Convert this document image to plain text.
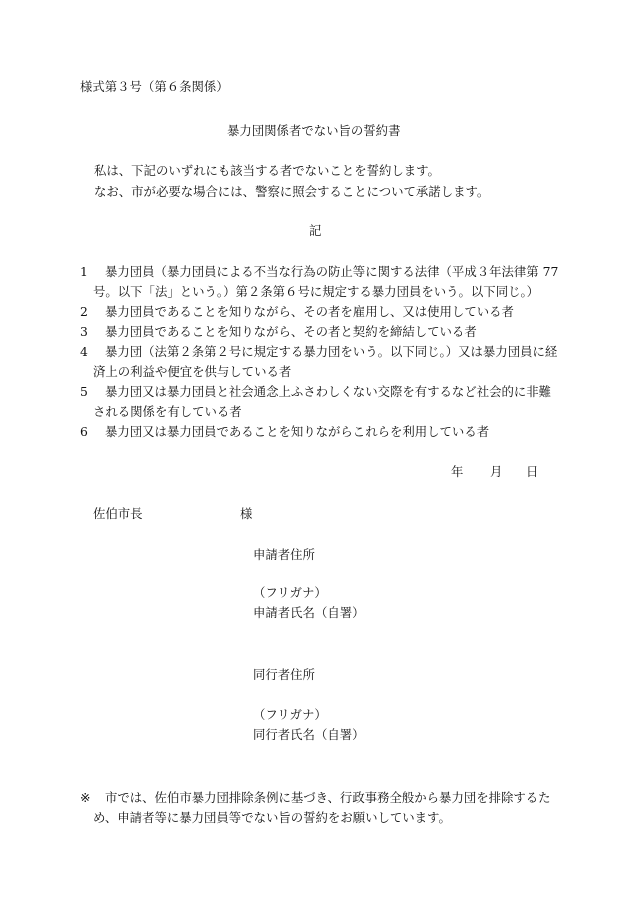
様式第３号（第６条関係）
暴力団関係者でない旨の誓約書
私は、下記のいずれにも該当する者でないことを誓約します。
なお、市が必要な場合には、警察に照会することについて承諾します。
記
1 暴力団員（暴力団員による不当な行為の防止等に関する法律（平成３年法律第 77
号。以下「法」という。）第２条第６号に規定する暴力団員をいう。以下同じ。）
2 暴力団員であることを知りながら、その者を雇用し、又は使用している者
3 暴力団員であることを知りながら、その者と契約を締結している者
4 暴力団（法第２条第２号に規定する暴力団をいう。以下同じ。）又は暴力団員に経
済上の利益や便宜を供与している者
5 暴力団又は暴力団員と社会通念上ふさわしくない交際を有するなど社会的に非難
される関係を有している者
6 暴力団又は暴力団員であることを知りながらこれらを利用している者
年 月 日
佐伯市長	様
申請者住所
（フリガナ）
申請者氏名（自署）
同行者住所
（フリガナ）
同行者氏名（自署）
※ 市では、佐伯市暴力団排除条例に基づき、行政事務全般から暴力団を排除するた
め、申請者等に暴力団員等でない旨の誓約をお願いしています。
